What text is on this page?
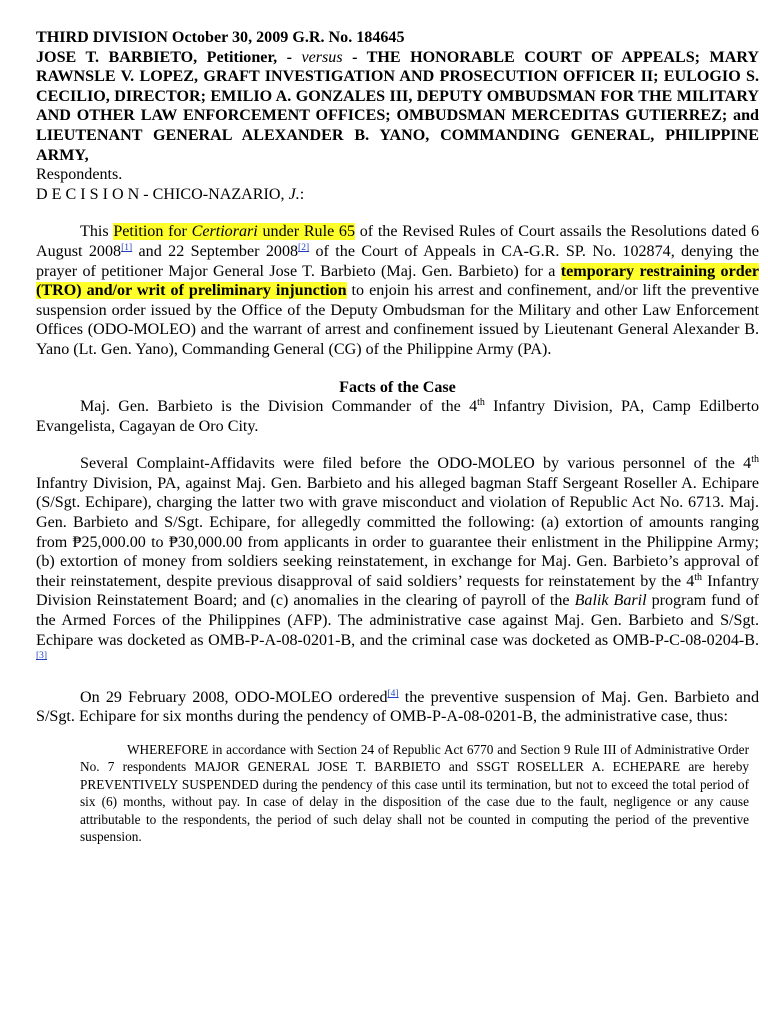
THIRD DIVISION October 30, 2009 G.R. No. 184645
JOSE T. BARBIETO, Petitioner, - versus - THE HONORABLE COURT OF APPEALS; MARY RAWNSLE V. LOPEZ, GRAFT INVESTIGATION AND PROSECUTION OFFICER II; EULOGIO S. CECILIO, DIRECTOR; EMILIO A. GONZALES III, DEPUTY OMBUDSMAN FOR THE MILITARY AND OTHER LAW ENFORCEMENT OFFICES; OMBUDSMAN MERCEDITAS GUTIERREZ; and LIEUTENANT GENERAL ALEXANDER B. YANO, COMMANDING GENERAL, PHILIPPINE ARMY,
Respondents.
D E C I S I O N - CHICO-NAZARIO, J.:

This Petition for Certiorari under Rule 65 of the Revised Rules of Court assails the Resolutions dated 6 August 2008[1] and 22 September 2008[2] of the Court of Appeals in CA-G.R. SP. No. 102874, denying the prayer of petitioner Major General Jose T. Barbieto (Maj. Gen. Barbieto) for a temporary restraining order (TRO) and/or writ of preliminary injunction to enjoin his arrest and confinement, and/or lift the preventive suspension order issued by the Office of the Deputy Ombudsman for the Military and other Law Enforcement Offices (ODO-MOLEO) and the warrant of arrest and confinement issued by Lieutenant General Alexander B. Yano (Lt. Gen. Yano), Commanding General (CG) of the Philippine Army (PA).

Facts of the Case

Maj. Gen. Barbieto is the Division Commander of the 4th Infantry Division, PA, Camp Edilberto Evangelista, Cagayan de Oro City.

Several Complaint-Affidavits were filed before the ODO-MOLEO by various personnel of the 4th Infantry Division, PA, against Maj. Gen. Barbieto and his alleged bagman Staff Sergeant Roseller A. Echipare (S/Sgt. Echipare), charging the latter two with grave misconduct and violation of Republic Act No. 6713. Maj. Gen. Barbieto and S/Sgt. Echipare, for allegedly committed the following: (a) extortion of amounts ranging from ₱25,000.00 to ₱30,000.00 from applicants in order to guarantee their enlistment in the Philippine Army; (b) extortion of money from soldiers seeking reinstatement, in exchange for Maj. Gen. Barbieto’s approval of their reinstatement, despite previous disapproval of said soldiers’ requests for reinstatement by the 4th Infantry Division Reinstatement Board; and (c) anomalies in the clearing of payroll of the Balik Baril program fund of the Armed Forces of the Philippines (AFP). The administrative case against Maj. Gen. Barbieto and S/Sgt. Echipare was docketed as OMB-P-A-08-0201-B, and the criminal case was docketed as OMB-P-C-08-0204-B.[3]

On 29 February 2008, ODO-MOLEO ordered[4] the preventive suspension of Maj. Gen. Barbieto and S/Sgt. Echipare for six months during the pendency of OMB-P-A-08-0201-B, the administrative case, thus:

WHEREFORE in accordance with Section 24 of Republic Act 6770 and Section 9 Rule III of Administrative Order No. 7 respondents MAJOR GENERAL JOSE T. BARBIETO and SSGT ROSELLER A. ECHEPARE are hereby PREVENTIVELY SUSPENDED during the pendency of this case until its termination, but not to exceed the total period of six (6) months, without pay. In case of delay in the disposition of the case due to the fault, negligence or any cause attributable to the respondents, the period of such delay shall not be counted in computing the period of the preventive suspension.
